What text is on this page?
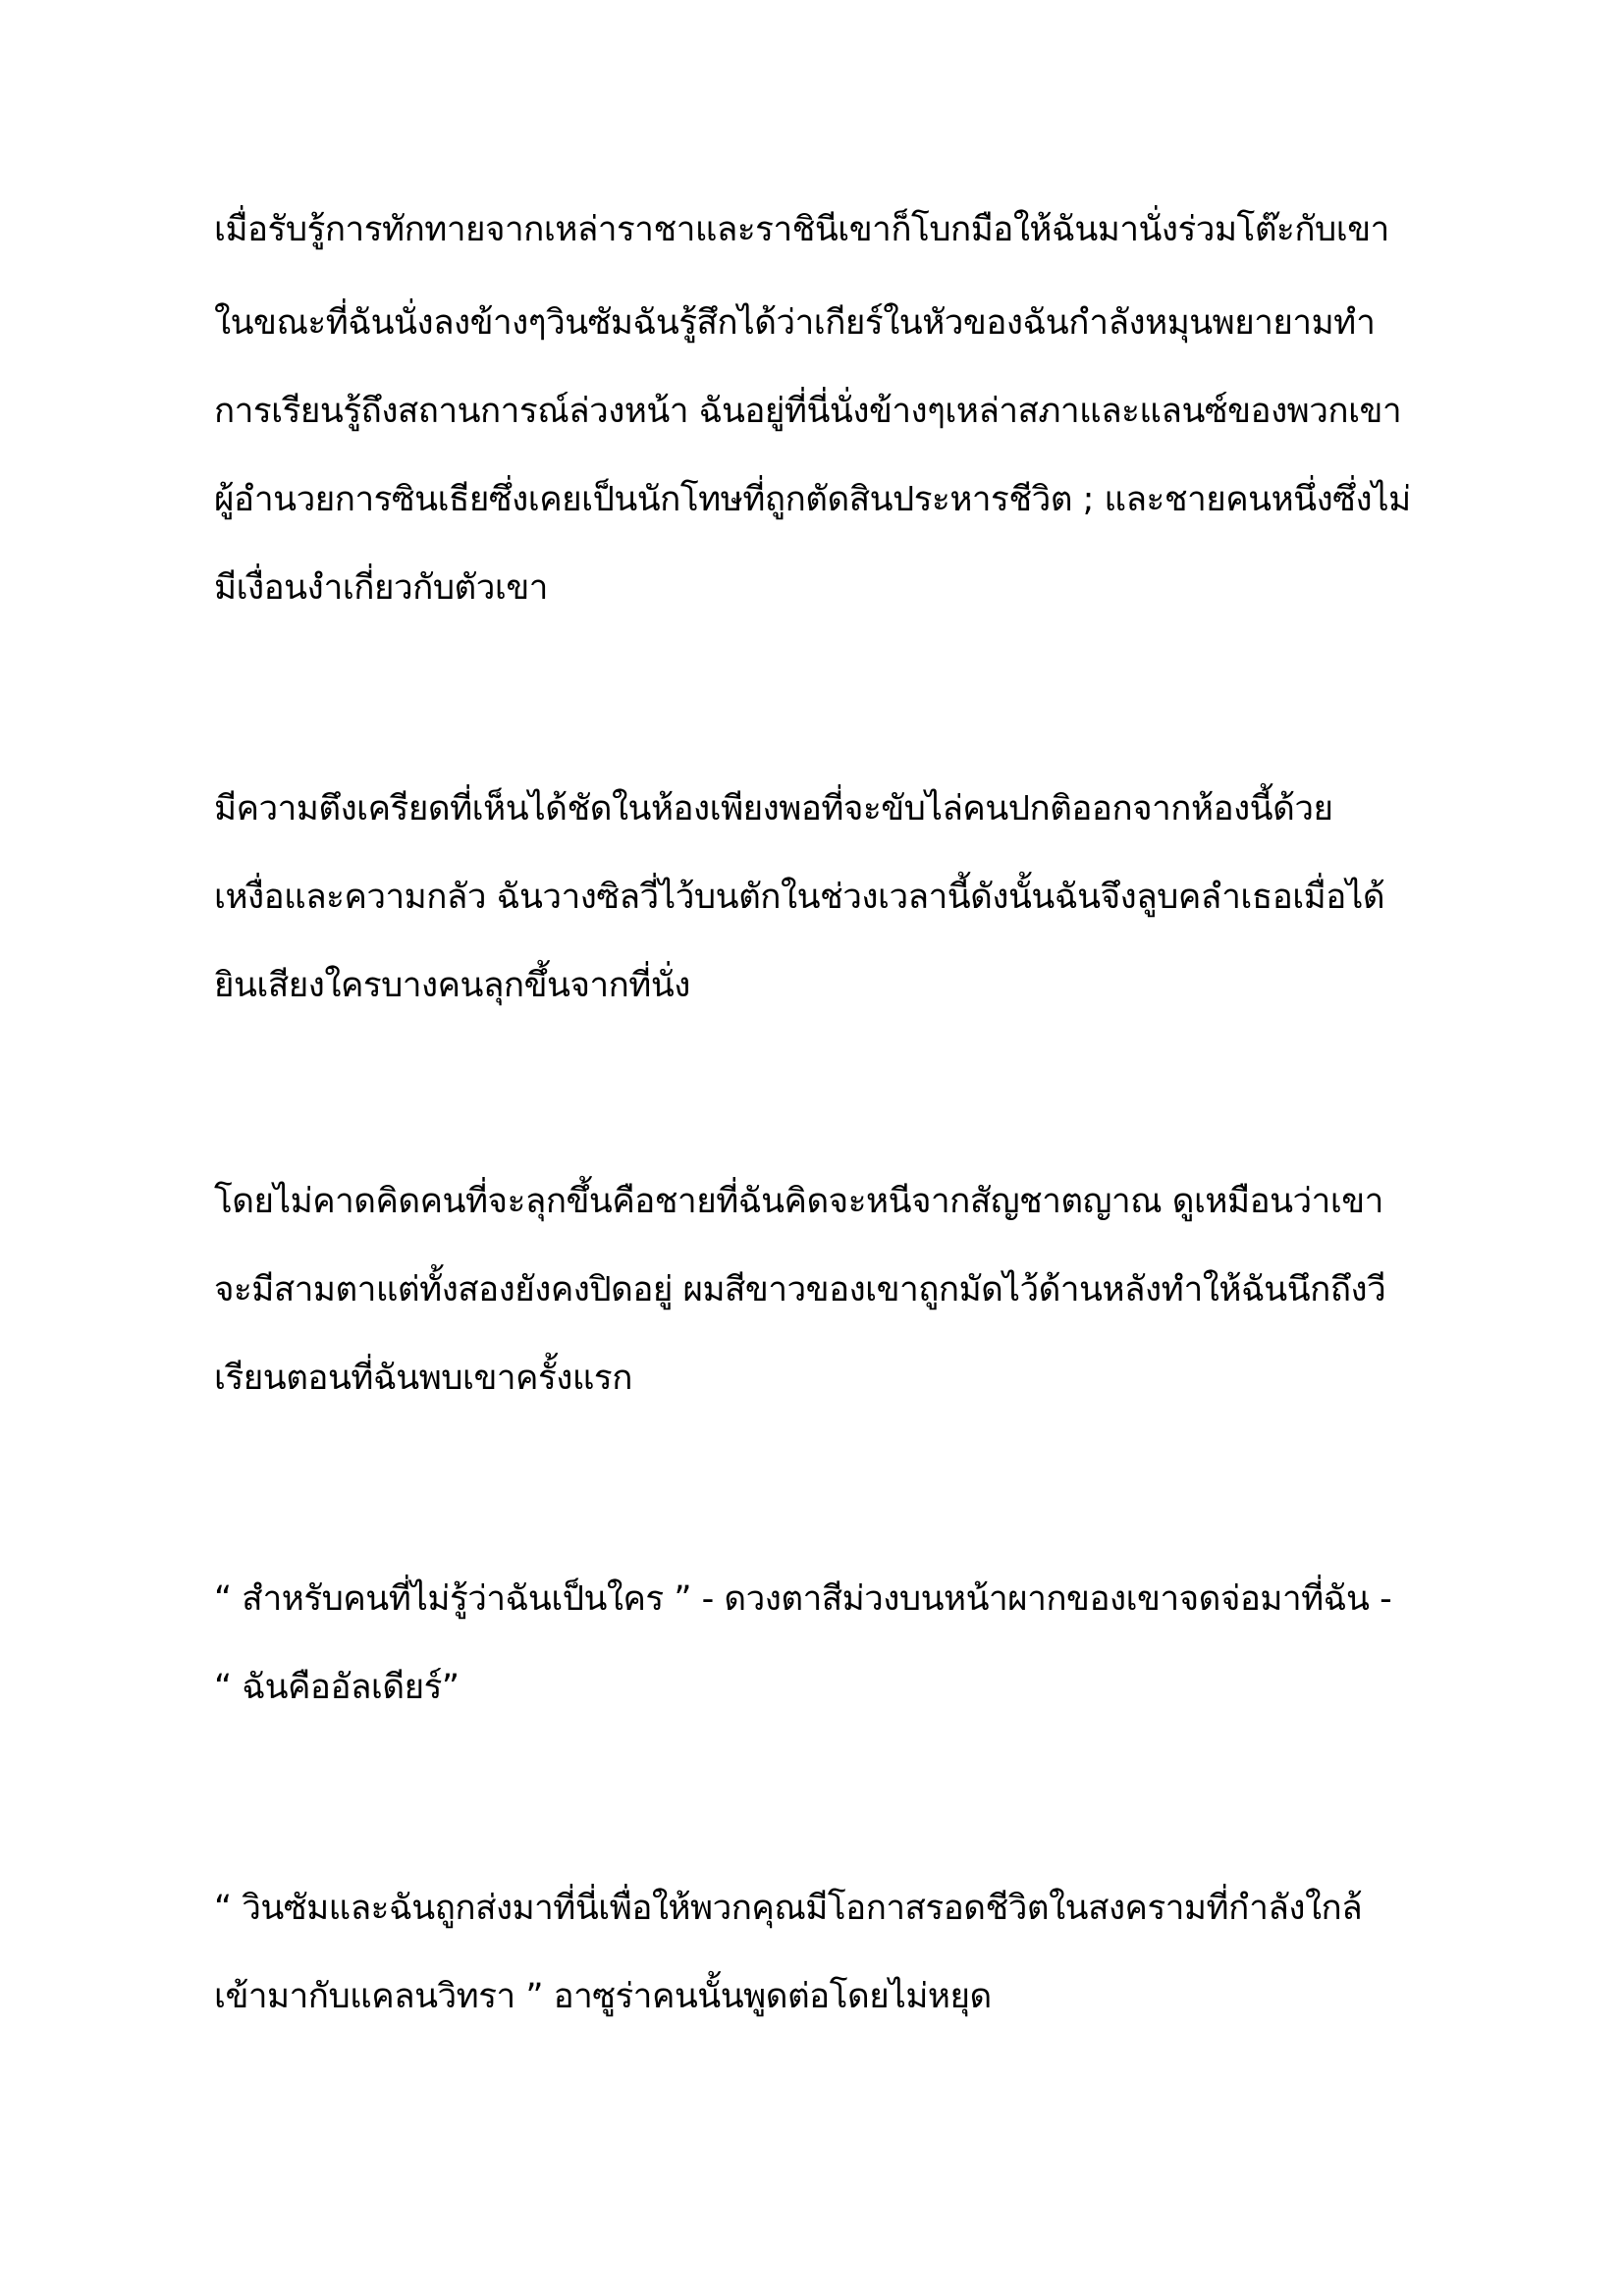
เมื่อรับรู้การทักทายจากเหล่าราชาและราชินีเขาก็โบกมือให้ฉันมานั่งร่วมโต๊ะกับเขา
ในขณะที่ฉันนั่งลงข้างๆวินซัมฉันรู้สึกได้ว่าเกียร์ในหัวของฉันกำลังหมุนพยายามทำ
การเรียนรู้ถึงสถานการณ์ล่วงหน้า ฉันอยู่ที่นี่นั่งข้างๆเหล่าสภาและแลนซ์ของพวกเขา
ผู้อำนวยการซินเธียซึ่งเคยเป็นนักโทษที่ถูกตัดสินประหารชีวิต ; และชายคนหนึ่งซึ่งไม่
มีเงื่อนงำเกี่ยวกับตัวเขา
มีความตึงเครียดที่เห็นได้ชัดในห้องเพียงพอที่จะขับไล่คนปกติออกจากห้องนี้ด้วย
เหงื่อและความกลัว ฉันวางซิลวี่ไว้บนตักในช่วงเวลานี้ดังนั้นฉันจึงลูบคลำเธอเมื่อได้
ยินเสียงใครบางคนลุกขึ้นจากที่นั่ง
โดยไม่คาดคิดคนที่จะลุกขึ้นคือชายที่ฉันคิดจะหนีจากสัญชาตญาณ ดูเหมือนว่าเขา
จะมีสามตาแต่ทั้งสองยังคงปิดอยู่ ผมสีขาวของเขาถูกมัดไว้ด้านหลังทำให้ฉันนึกถึงวี
เรียนตอนที่ฉันพบเขาครั้งแรก
“ สำหรับคนที่ไม่รู้ว่าฉันเป็นใคร ” - ดวงตาสีม่วงบนหน้าผากของเขาจดจ่อมาที่ฉัน -
“ ฉันคืออัลเดียร์”
“ วินซัมและฉันถูกส่งมาที่นี่เพื่อให้พวกคุณมีโอกาสรอดชีวิตในสงครามที่กำลังใกล้
เข้ามากับแคลนวิทรา ” อาซูร่าคนนั้นพูดต่อโดยไม่หยุด
